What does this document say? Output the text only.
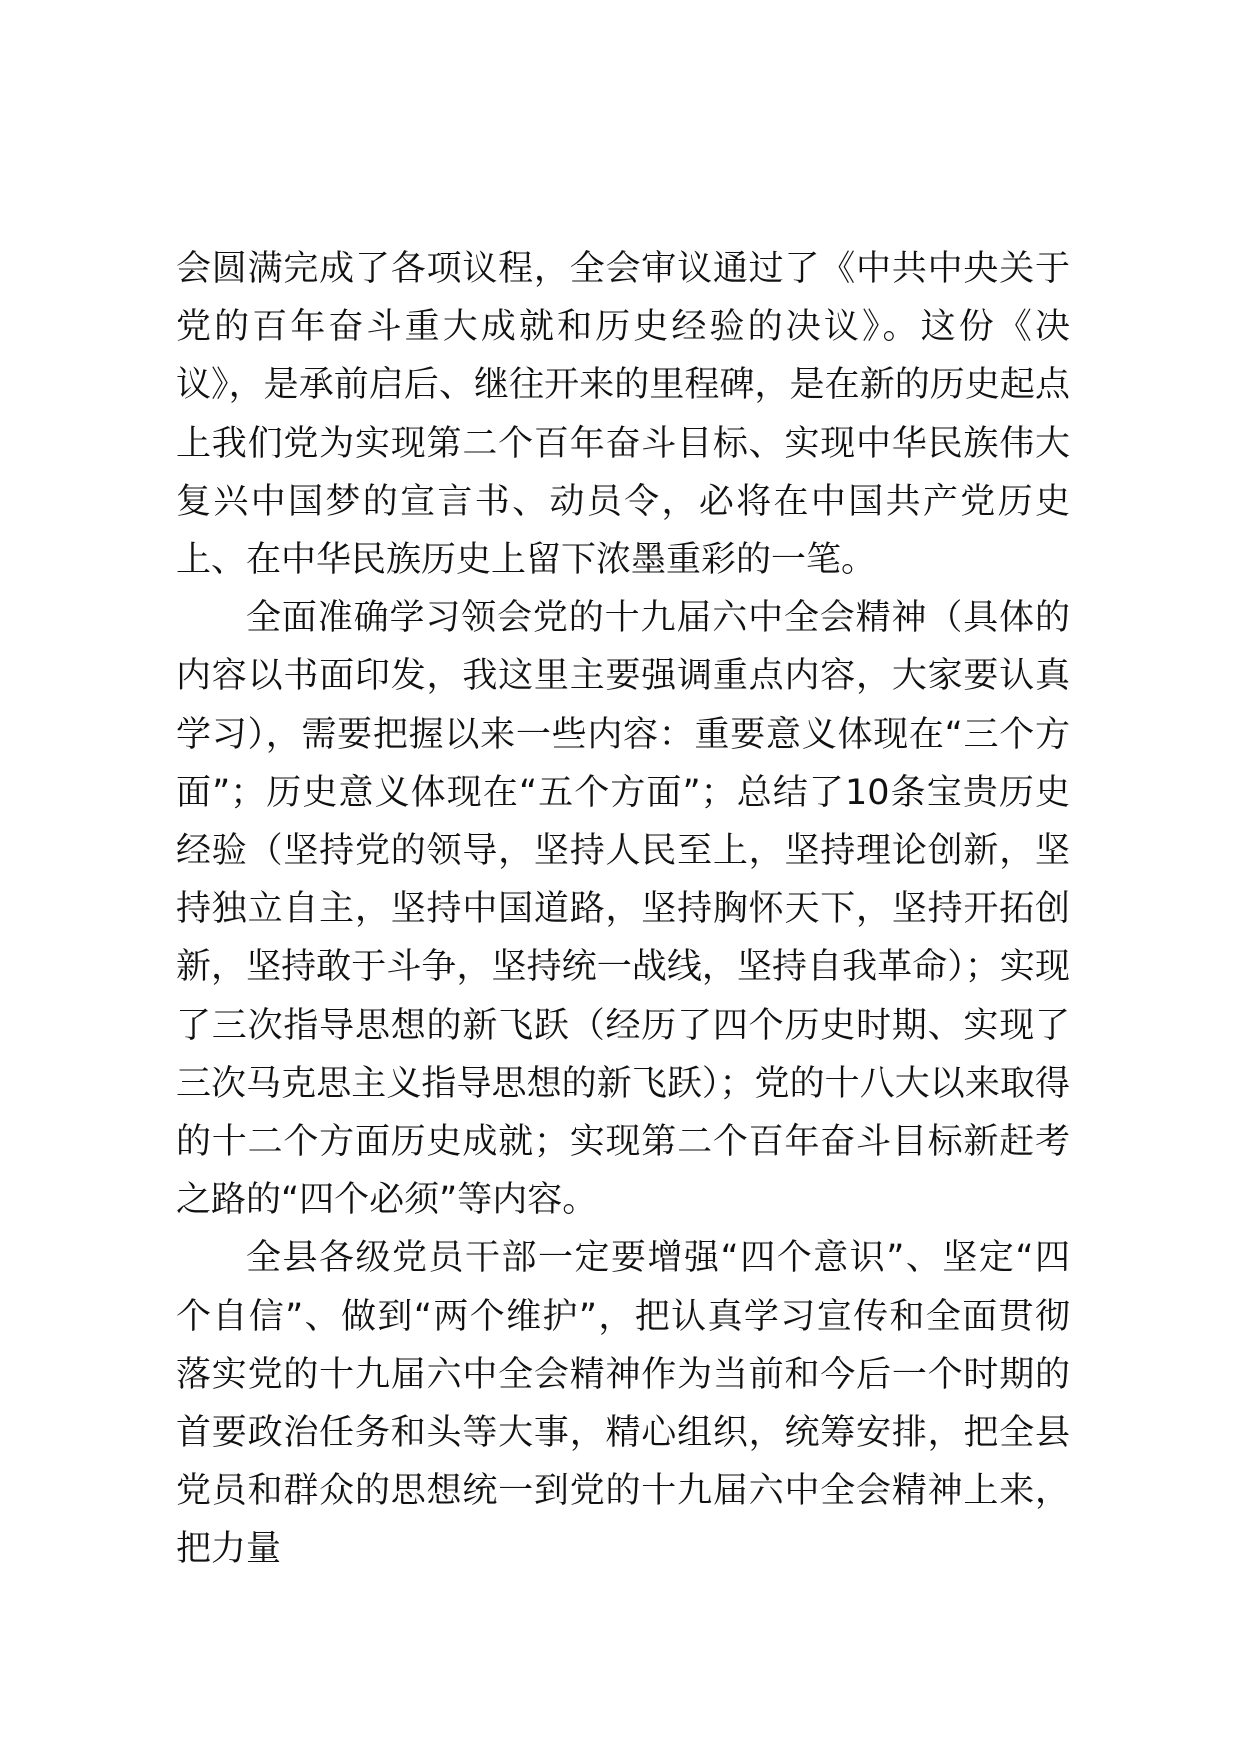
会圆满完成了各项议程，全会审议通过了《中共中央关于党的百年奋斗重大成就和历史经验的决议》。这份《决议》，是承前启后、继往开来的里程碑，是在新的历史起点上我们党为实现第二个百年奋斗目标、实现中华民族伟大复兴中国梦的宣言书、动员令，必将在中国共产党历史上、在中华民族历史上留下浓墨重彩的一笔。

全面准确学习领会党的十九届六中全会精神（具体的内容以书面印发，我这里主要强调重点内容，大家要认真学习），需要把握以来一些内容：重要意义体现在“三个方面”；历史意义体现在“五个方面”；总结了10条宝贵历史经验（坚持党的领导，坚持人民至上，坚持理论创新，坚持独立自主，坚持中国道路，坚持胸怀天下，坚持开拓创新，坚持敢于斗争，坚持统一战线，坚持自我革命）；实现了三次指导思想的新飞跃（经历了四个历史时期、实现了三次马克思主义指导思想的新飞跃）；党的十八大以来取得的十二个方面历史成就；实现第二个百年奋斗目标新赶考之路的“四个必须”等内容。

全县各级党员干部一定要增强“四个意识”、坚定“四个自信”、做到“两个维护”，把认真学习宣传和全面贯彻落实党的十九届六中全会精神作为当前和今后一个时期的首要政治任务和头等大事，精心组织，统筹安排，把全县党员和群众的思想统一到党的十九届六中全会精神上来，把力量
